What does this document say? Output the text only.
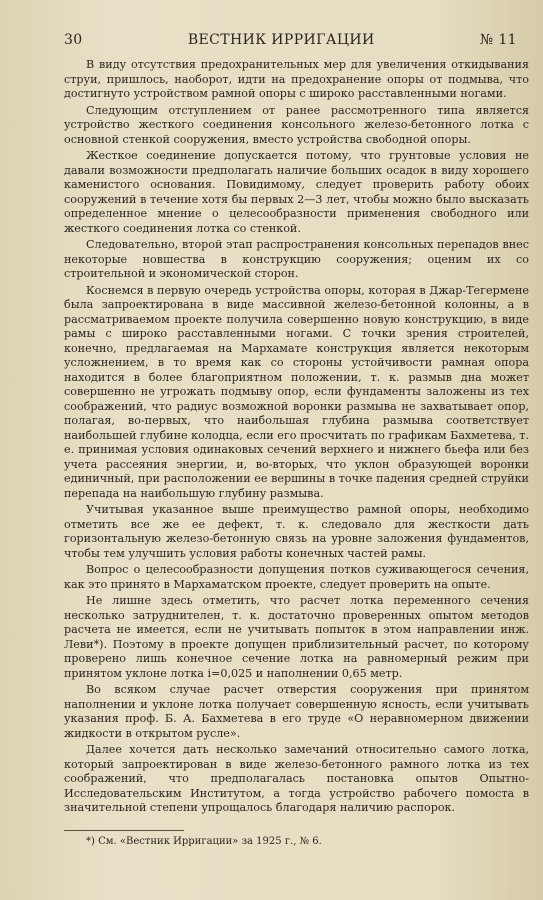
30	ВЕСТНИК ИРРИГАЦИИ	№ 11

В виду отсутствия предохранительных мер для увеличения откидывания струи, пришлось, наоборот, идти на предохранение опоры от подмыва, что достигнуто устройством рамной опоры с широко расставленными ногами.

Следующим отступлением от ранее рассмотренного типа является устройство жесткого соединения консольного железо-бетонного лотка с основной стенкой сооружения, вместо устройства свободной опоры.

Жесткое соединение допускается потому, что грунтовые условия не давали возможности предполагать наличие больших осадок в виду хорошего каменистого основания. Повидимому, следует проверить работу обоих сооружений в течение хотя бы первых 2—3 лет, чтобы можно было высказать определенное мнение о целесообразности применения свободного или жесткого соединения лотка со стенкой.

Следовательно, второй этап распространения консольных перепадов внес некоторые новшества в конструкцию сооружения; оценим их со строительной и экономической сторон.

Коснемся в первую очередь устройства опоры, которая в Джар-Тегермене была запроектирована в виде массивной железо-бетонной колонны, а в рассматриваемом проекте получила совершенно новую конструкцию, в виде рамы с широко расставленными ногами. С точки зрения строителей, конечно, предлагаемая на Мархамате конструкция является некоторым усложнением, в то время как со стороны устойчивости рамная опора находится в более благоприятном положении, т. к. размыв дна может совершенно не угрожать подмыву опор, если фундаменты заложены из тех соображений, что радиус возможной воронки размыва не захватывает опор, полагая, во-первых, что наибольшая глубина размыва соответствует наибольшей глубине колодца, если его просчитать по графикам Бахметева, т. е. принимая условия одинаковых сечений верхнего и нижнего бьефа или без учета рассеяния энергии, и, во-вторых, что уклон образующей воронки единичный, при расположении ее вершины в точке падения средней струйки перепада на наибольшую глубину размыва.

Учитывая указанное выше преимущество рамной опоры, необходимо отметить все же ее дефект, т. к. следовало для жесткости дать горизонтальную железо-бетонную связь на уровне заложения фундаментов, чтобы тем улучшить условия работы конечных частей рамы.

Вопрос о целесообразности допущения потков суживающегося сечения, как это принято в Мархаматском проекте, следует проверить на опыте.

Не лишне здесь отметить, что расчет лотка переменного сечения несколько затруднителен, т. к. достаточно проверенных опытом методов расчета не имеется, если не учитывать попыток в этом направлении инж. Леви*). Поэтому в проекте допущен приблизительный расчет, по которому проверено лишь конечное сечение лотка на равномерный режим при принятом уклоне лотка i=0,025 и наполнении 0,65 метр.

Во всяком случае расчет отверстия сооружения при принятом наполнении и уклоне лотка получает совершенную ясность, если учитывать указания проф. Б. А. Бахметева в его труде «О неравномерном движении жидкости в открытом русле».

Далее хочется дать несколько замечаний относительно самого лотка, который запроектирован в виде железо-бетонного рамного лотка из тех соображений, что предполагалась постановка опытов Опытно-Исследовательским Институтом, а тогда устройство рабочего помоста в значительной степени упрощалось благодаря наличию распорок.

*) См. «Вестник Ирригации» за 1925 г., № 6.
